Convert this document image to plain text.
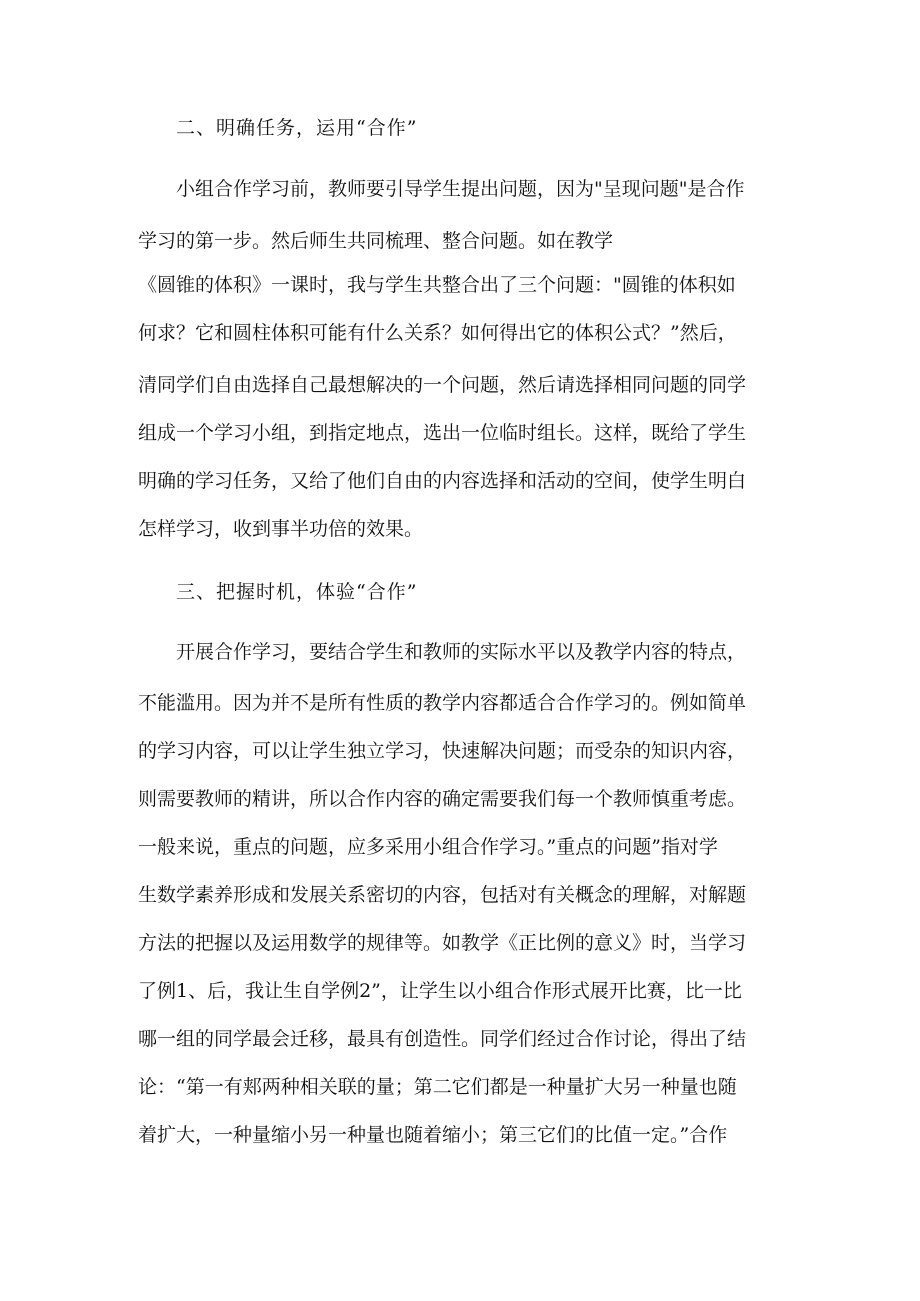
二、明确任务，运用“合作”
小组合作学习前，教师要引导学生提出问题，因为"呈现问题"是合作
学习的第一步。然后师生共同梳理、整合问题。如在教学
《圆锥的体积》一课时，我与学生共整合出了三个问题："圆锥的体积如
何求？它和圆柱体积可能有什么关系？如何得出它的体积公式？”然后，
清同学们自由选择自己最想解决的一个问题，然后请选择相同问题的同学
组成一个学习小组，到指定地点，选出一位临时组长。这样，既给了学生
明确的学习任务，又给了他们自由的内容选择和活动的空间，使学生明白
怎样学习，收到事半功倍的效果。
三、把握时机，体验“合作”
开展合作学习，要结合学生和教师的实际水平以及教学内容的特点，
不能滥用。因为并不是所有性质的教学内容都适合合作学习的。例如简单
的学习内容，可以让学生独立学习，快速解决问题；而受杂的知识内容，
则需要教师的精讲，所以合作内容的确定需要我们每一个教师慎重考虑。
一般来说，重点的问题，应多采用小组合作学习。”重点的问题”指对学
生数学素养形成和发展关系密切的内容，包括对有关概念的理解，对解题
方法的把握以及运用数学的规律等。如教学《正比例的意义》时，当学习
了例1、后，我让生自学例2”，让学生以小组合作形式展开比赛，比一比
哪一组的同学最会迁移，最具有创造性。同学们经过合作讨论，得出了结
论：“第一有郏两种相关联的量；第二它们都是一种量扩大另一种量也随
着扩大，一种量缩小另一种量也随着缩小；第三它们的比值一定。”合作
